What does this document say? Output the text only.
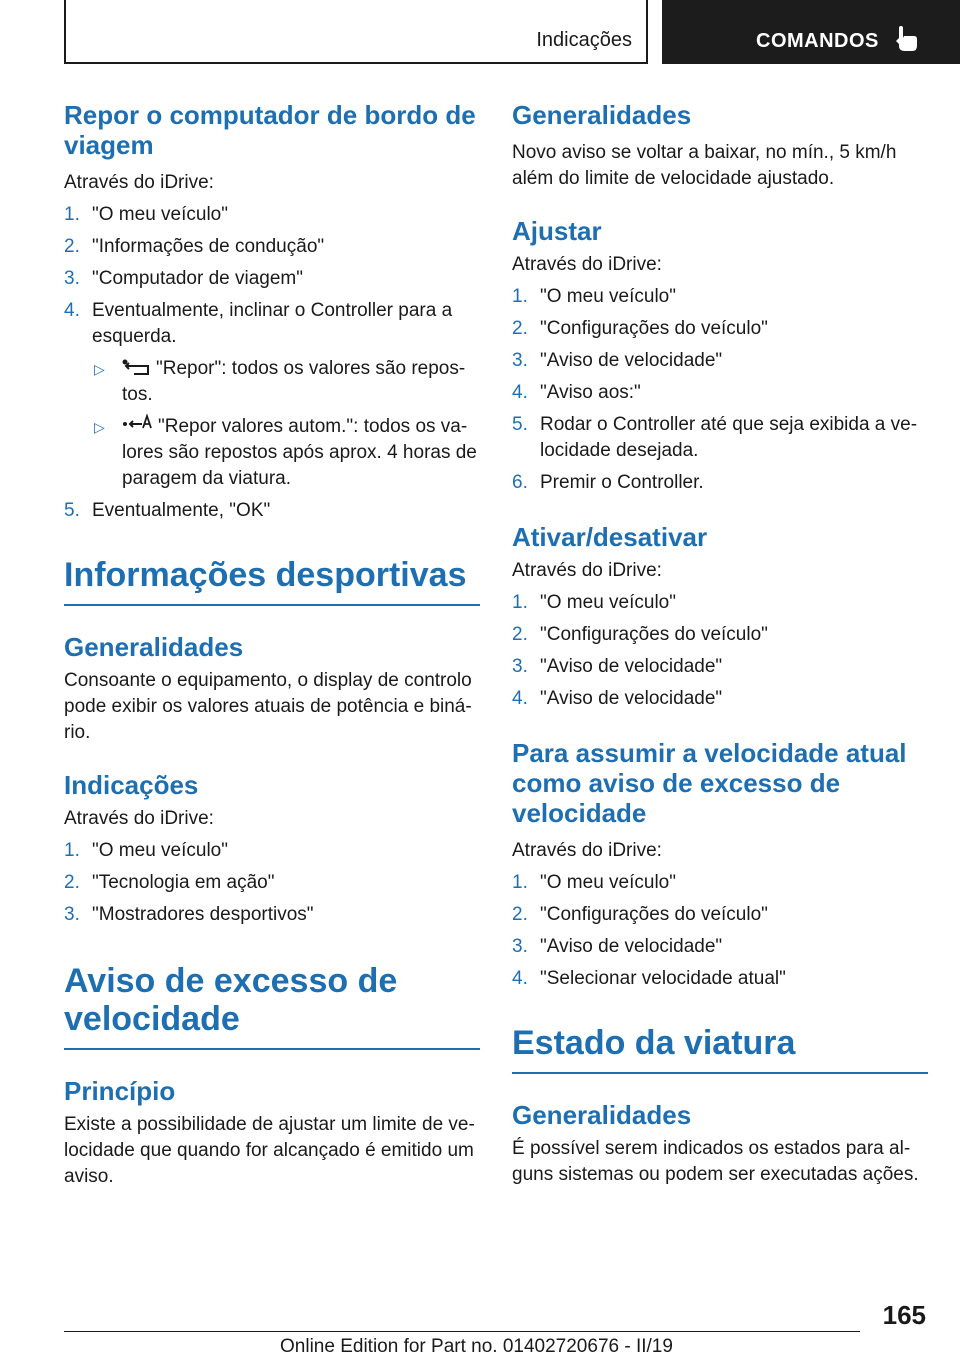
Indicações	COMANDOS
Repor o computador de bordo de viagem

Através do iDrive:

1. "O meu veículo"
2. "Informações de condução"
3. "Computador de viagem"
4. Eventualmente, inclinar o Controller para a esquerda.
▷	"Repor": todos os valores são repostos.
▷	"Repor valores autom.": todos os valores são repostos após aprox. 4 horas de paragem da viatura.
5. Eventualmente, "OK"
Informações desportivas
Generalidades

Consoante o equipamento, o display de controlo pode exibir os valores atuais de potência e binário.

Indicações

Através do iDrive:

1. "O meu veículo"
2. "Tecnologia em ação"
3. "Mostradores desportivos"
Aviso de excesso de velocidade
Princípio

Existe a possibilidade de ajustar um limite de velocidade que quando for alcançado é emitido um aviso.

Generalidades

Novo aviso se voltar a baixar, no mín., 5 km/h além do limite de velocidade ajustado.

Ajustar

Através do iDrive:

1. "O meu veículo"
2. "Configurações do veículo"
3. "Aviso de velocidade"
4. "Aviso aos:"
5. Rodar o Controller até que seja exibida a velocidade desejada.
6. Premir o Controller.
Ativar/desativar

Através do iDrive:

1. "O meu veículo"
2. "Configurações do veículo"
3. "Aviso de velocidade"
4. "Aviso de velocidade"
Para assumir a velocidade atual como aviso de excesso de velocidade

Através do iDrive:

1. "O meu veículo"
2. "Configurações do veículo"
3. "Aviso de velocidade"
4. "Selecionar velocidade atual"
Estado da viatura
Generalidades

É possível serem indicados os estados para alguns sistemas ou podem ser executadas ações.

165
Online Edition for Part no. 01402720676 - II/19
